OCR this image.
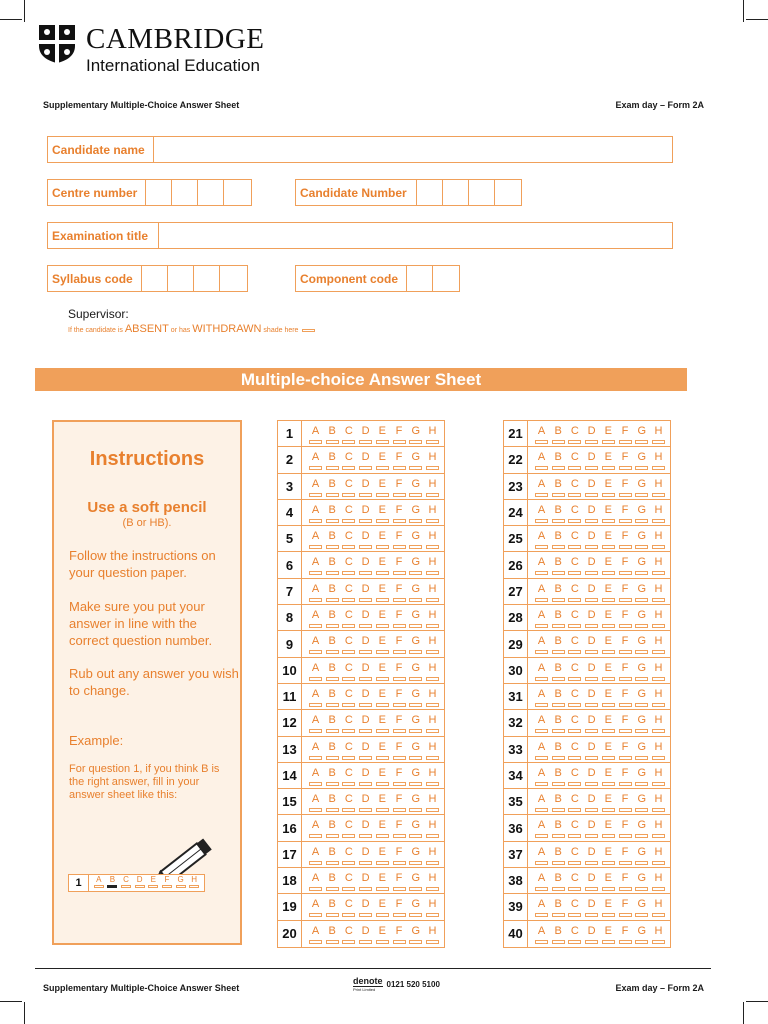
CAMBRIDGE
International Education
Supplementary Multiple-Choice Answer Sheet	Exam day – Form 2A
Candidate name
Centre number	Candidate Number
Examination title
Syllabus code	Component code
Supervisor:
If the candidate is
ABSENT
or has
WITHDRAWN
shade here
Multiple-choice Answer Sheet
Instructions
Use a soft pencil
(B or HB).
Follow the instructions on your question paper.
Make sure you put your answer in line with the correct question number.
Rub out any answer you wish to change.
Example:
For question 1, if you think B is the right answer, fill in your answer sheet like this:
1	A B C D E F G H
1	A B C D E F G H
2	A B C D E F G H
3	A B C D E F G H
4	A B C D E F G H
5	A B C D E F G H
6	A B C D E F G H
7	A B C D E F G H
8	A B C D E F G H
9	A B C D E F G H
10	A B C D E F G H
11	A B C D E F G H
12	A B C D E F G H
13	A B C D E F G H
14	A B C D E F G H
15	A B C D E F G H
16	A B C D E F G H
17	A B C D E F G H
18	A B C D E F G H
19	A B C D E F G H
20	A B C D E F G H
21	A B C D E F G H
22	A B C D E F G H
23	A B C D E F G H
24	A B C D E F G H
25	A B C D E F G H
26	A B C D E F G H
27	A B C D E F G H
28	A B C D E F G H
29	A B C D E F G H
30	A B C D E F G H
31	A B C D E F G H
32	A B C D E F G H
33	A B C D E F G H
34	A B C D E F G H
35	A B C D E F G H
36	A B C D E F G H
37	A B C D E F G H
38	A B C D E F G H
39	A B C D E F G H
40	A B C D E F G H
Supplementary Multiple-Choice Answer Sheet
denote
Print Limited
0121 520 5100	Exam day – Form 2A
